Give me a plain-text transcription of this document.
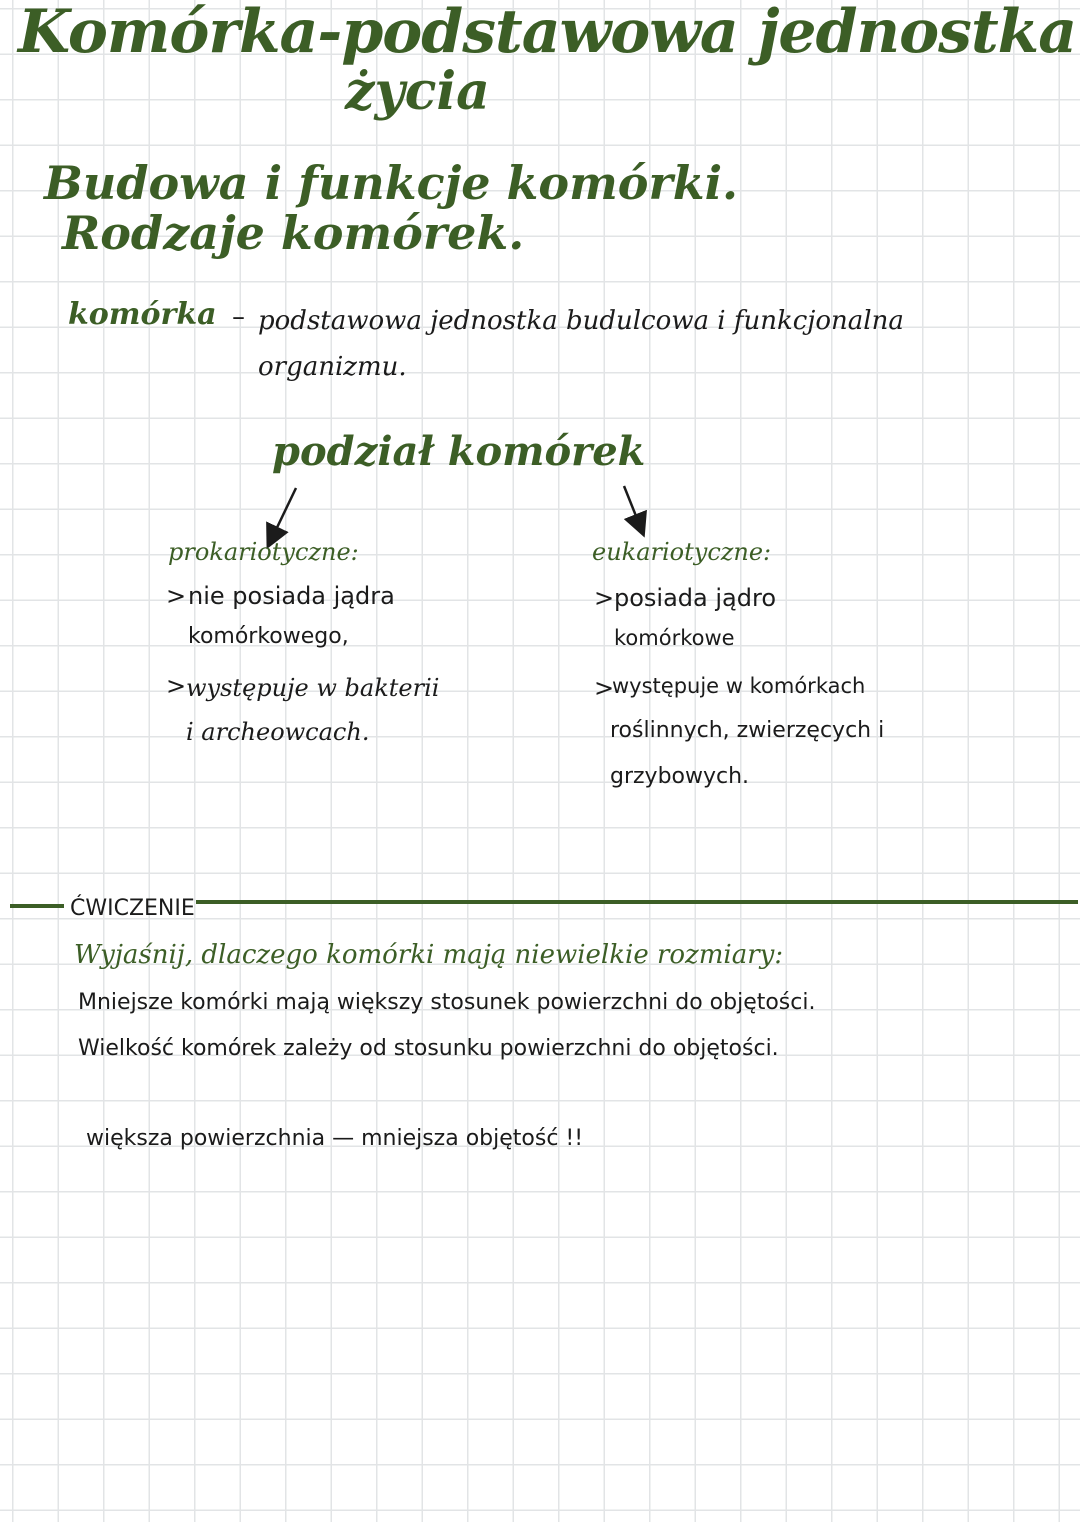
Komórka-podstawowa jednostka
życia
Budowa i funkcje komórki.
Rodzaje komórek.
komórka – podstawowa jednostka budulcowa i funkcjonalna
organizmu.
podział komórek
prokariotyczne:
> nie posiada jądra
komórkowego,
> występuje w bakterii
i archeowcach.
eukariotyczne:
> posiada jądro
komórkowe
>
występuje w komórkach
roślinnych, zwierzęcych i
grzybowych.
ĆWICZENIE
Wyjaśnij, dlaczego komórki mają niewielkie rozmiary:
Mniejsze komórki mają większy stosunek powierzchni do objętości.
Wielkość komórek zależy od stosunku powierzchni do objętości.
większa powierzchnia — mniejsza objętość !!
